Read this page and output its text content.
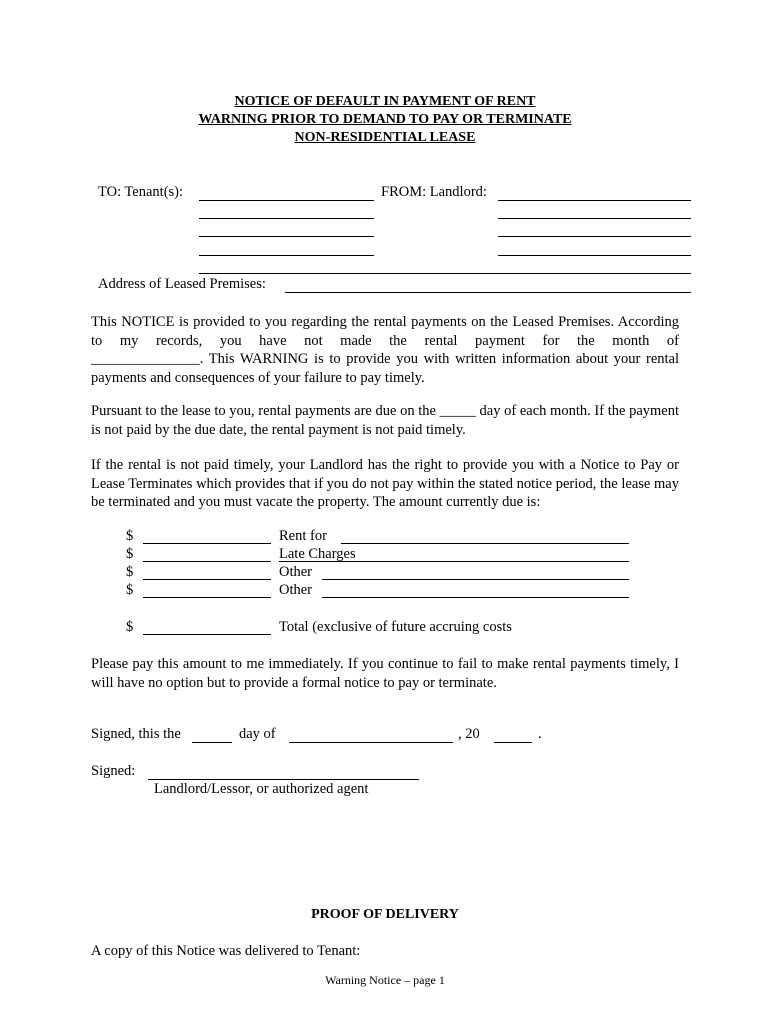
NOTICE OF DEFAULT IN PAYMENT OF RENT
WARNING PRIOR TO DEMAND TO PAY OR TERMINATE
NON-RESIDENTIAL LEASE
TO: Tenant(s):	FROM: Landlord:
Address of Leased Premises:
This NOTICE is provided to you regarding the rental payments on the Leased Premises. According to my records, you have not made the rental payment for the month of
_______________. This WARNING is to provide you with written information about your rental payments and consequences of your failure to pay timely.
Pursuant to the lease to you, rental payments are due on the _____ day of each month. If the payment is not paid by the due date, the rental payment is not paid timely.
If the rental is not paid timely, your Landlord has the right to provide you with a Notice to Pay or Lease Terminates which provides that if you do not pay within the stated notice period, the lease may be terminated and you must vacate the property. The amount currently due is:
$	Rent for
$	Late Charges
$	Other
$	Other
$	Total (exclusive of future accruing costs
Please pay this amount to me immediately. If you continue to fail to make rental payments timely, I will have no option but to provide a formal notice to pay or terminate.
Signed, this the	day of	, 20	.
Signed:
Landlord/Lessor, or authorized agent
PROOF OF DELIVERY
A copy of this Notice was delivered to Tenant:
Warning Notice – page 1
